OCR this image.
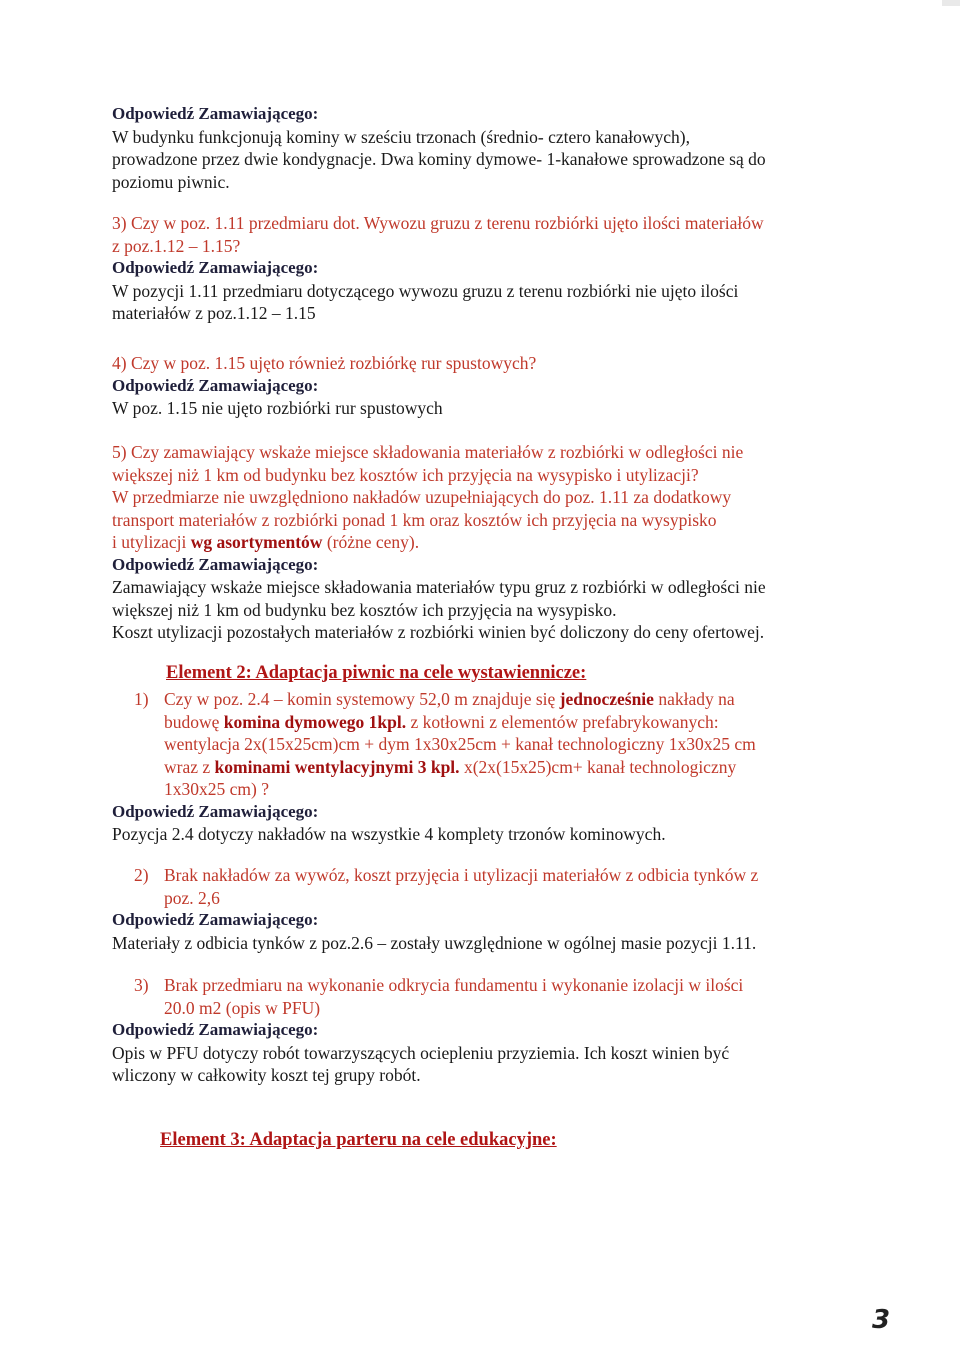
Odpowiedź Zamawiającego:

W budynku funkcjonują kominy w sześciu trzonach (średnio- cztero kanałowych),

prowadzone przez dwie kondygnacje. Dwa kominy dymowe- 1-kanałowe sprowadzone są do

poziomu piwnic.

3) Czy w poz. 1.11 przedmiaru dot. Wywozu gruzu z terenu rozbiórki ujęto ilości materiałów

z poz.1.12 – 1.15?

Odpowiedź Zamawiającego:

W pozycji 1.11 przedmiaru dotyczącego wywozu gruzu z terenu rozbiórki nie ujęto ilości

materiałów z poz.1.12 – 1.15

4) Czy w poz. 1.15 ujęto również rozbiórkę rur spustowych?

Odpowiedź Zamawiającego:

W poz. 1.15 nie ujęto rozbiórki rur spustowych

5) Czy zamawiający wskaże miejsce składowania materiałów z rozbiórki w odległości nie

większej niż 1 km od budynku bez kosztów ich przyjęcia na wysypisko i utylizacji?

W przedmiarze nie uwzględniono nakładów uzupełniających do poz. 1.11 za dodatkowy

transport materiałów z rozbiórki ponad 1 km oraz kosztów ich przyjęcia na wysypisko

i utylizacji wg asortymentów (różne ceny).

Odpowiedź Zamawiającego:

Zamawiający wskaże miejsce składowania materiałów typu gruz z rozbiórki w odległości nie

większej niż 1 km od budynku bez kosztów ich przyjęcia na wysypisko.

Koszt utylizacji pozostałych materiałów z rozbiórki winien być doliczony do ceny ofertowej.

Element 2: Adaptacja piwnic na cele wystawiennicze:
1) Czy w poz. 2.4 – komin systemowy 52,0 m znajduje się jednocześnie nakłady na

budowę komina dymowego 1kpl. z kotłowni z elementów prefabrykowanych:

wentylacja 2x(15x25cm)cm + dym 1x30x25cm + kanał technologiczny 1x30x25 cm

wraz z kominami wentylacyjnymi 3 kpl. x(2x(15x25)cm+ kanał technologiczny

1x30x25 cm) ?

Odpowiedź Zamawiającego:

Pozycja 2.4 dotyczy nakładów na wszystkie 4 komplety trzonów kominowych.

2) Brak nakładów za wywóz, koszt przyjęcia i utylizacji materiałów z odbicia tynków z

poz. 2,6

Odpowiedź Zamawiającego:

Materiały z odbicia tynków z poz.2.6 – zostały uwzględnione w ogólnej masie pozycji 1.11.

3) Brak przedmiaru na wykonanie odkrycia fundamentu i wykonanie izolacji w ilości

20.0 m2 (opis w PFU)

Odpowiedź Zamawiającego:

Opis w PFU dotyczy robót towarzyszących ociepleniu przyziemia. Ich koszt winien być

wliczony w całkowity koszt tej grupy robót.

Element 3: Adaptacja parteru na cele edukacyjne:
3
